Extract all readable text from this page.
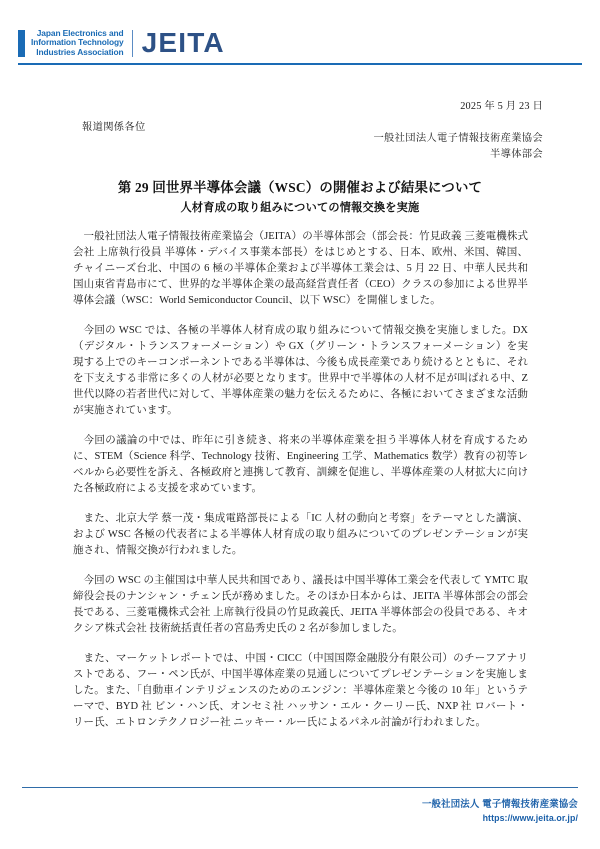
Japan Electronics and
Information Technology
Industries Association JEITA
2025 年 5 月 23 日
報道関係各位
一般社団法人電子情報技術産業協会
半導体部会
第 29 回世界半導体会議（WSC）の開催および結果について
人材育成の取り組みについての情報交換を実施

一般社団法人電子情報技術産業協会（JEITA）の半導体部会（部会長：竹見政義 三菱電機株式会社 上席執行役員 半導体・デバイス事業本部長）をはじめとする、日本、欧州、米国、韓国、チャイニーズ台北、中国の 6 極の半導体企業および半導体工業会は、5 月 22 日、中華人民共和国山東省青島市にて、世界的な半導体企業の最高経営責任者（CEO）クラスの参加による世界半導体会議（WSC：World Semiconductor Council、以下 WSC）を開催しました。

今回の WSC では、各極の半導体人材育成の取り組みについて情報交換を実施しました。DX（デジタル・トランスフォーメーション）や GX（グリーン・トランスフォーメーション）を実現する上でのキーコンポーネントである半導体は、今後も成長産業であり続けるとともに、それを下支えする非常に多くの人材が必要となります。世界中で半導体の人材不足が叫ばれる中、Z 世代以降の若者世代に対して、半導体産業の魅力を伝えるために、各極においてさまざまな活動が実施されています。

今回の議論の中では、昨年に引き続き、将来の半導体産業を担う半導体人材を育成するために、STEM（Science 科学、Technology 技術、Engineering 工学、Mathematics 数学）教育の初等レベルから必要性を訴え、各極政府と連携して教育、訓練を促進し、半導体産業の人材拡大に向けた各極政府による支援を求めています。

また、北京大学 蔡一茂・集成電路部長による「IC 人材の動向と考察」をテーマとした講演、および WSC 各極の代表者による半導体人材育成の取り組みについてのプレゼンテーションが実施され、情報交換が行われました。

今回の WSC の主催国は中華人民共和国であり、議長は中国半導体工業会を代表して YMTC 取締役会長のナンシャン・チェン氏が務めました。そのほか日本からは、JEITA 半導体部会の部会長である、三菱電機株式会社 上席執行役員の竹見政義氏、JEITA 半導体部会の役員である、キオクシア株式会社 技術統括責任者の宮島秀史氏の 2 名が参加しました。

また、マーケットレポートでは、中国・CICC（中国国際金融股分有限公司）のチーフアナリストである、フー・ペン氏が、中国半導体産業の見通しについてプレゼンテーションを実施しました。また、「自動車インテリジェンスのためのエンジン：半導体産業と今後の 10 年」というテーマで、BYD 社 ビン・ハン氏、オンセミ社 ハッサン・エル・クーリー氏、NXP 社 ロバート・リー氏、エトロンテクノロジー社 ニッキー・ルー氏によるパネル討論が行われました。

一般社団法人 電子情報技術産業協会
https://www.jeita.or.jp/
